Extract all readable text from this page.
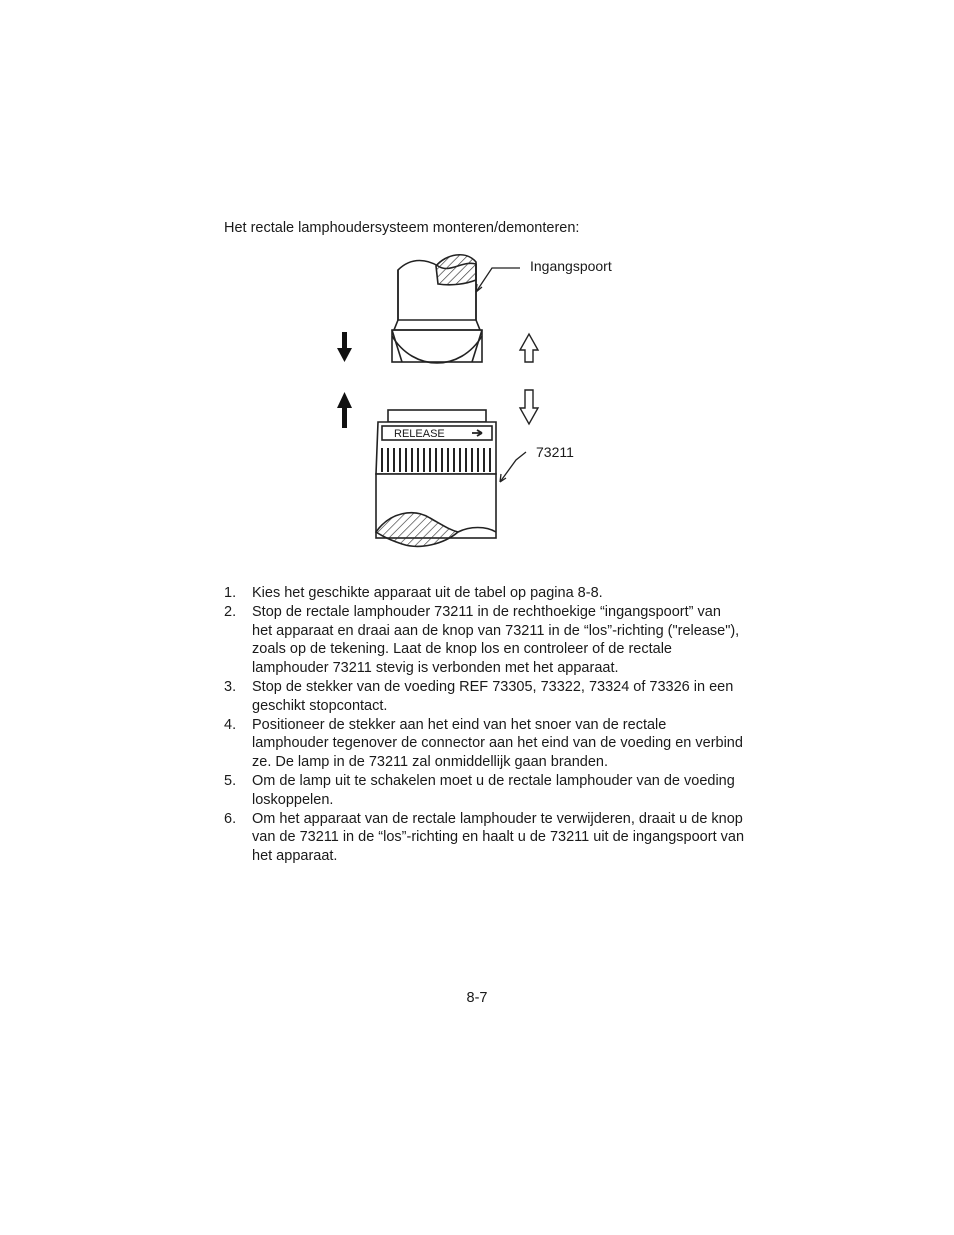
Het rectale lamphoudersysteem monteren/demonteren:
Ingangspoort
RELEASE
73211
1. Kies het geschikte apparaat uit de tabel op pagina 8-8.
2. Stop de rectale lamphouder 73211 in de rechthoekige “ingangspoort” van het apparaat en draai aan de knop van 73211 in de “los”-richting ("release"), zoals op de tekening. Laat de knop los en controleer of de rectale lamphouder 73211 stevig is verbonden met het apparaat.
3. Stop de stekker van de voeding REF 73305, 73322, 73324 of 73326 in een geschikt stopcontact.
4. Positioneer de stekker aan het eind van het snoer van de rectale lamphouder tegenover de connector aan het eind van de voeding en verbind ze. De lamp in de 73211 zal onmiddellijk gaan branden.
5. Om de lamp uit te schakelen moet u de rectale lamphouder van de voeding loskoppelen.
6. Om het apparaat van de rectale lamphouder te verwijderen, draait u de knop van de 73211 in de “los”-richting en haalt u de 73211 uit de ingangspoort van het apparaat.
8-7
